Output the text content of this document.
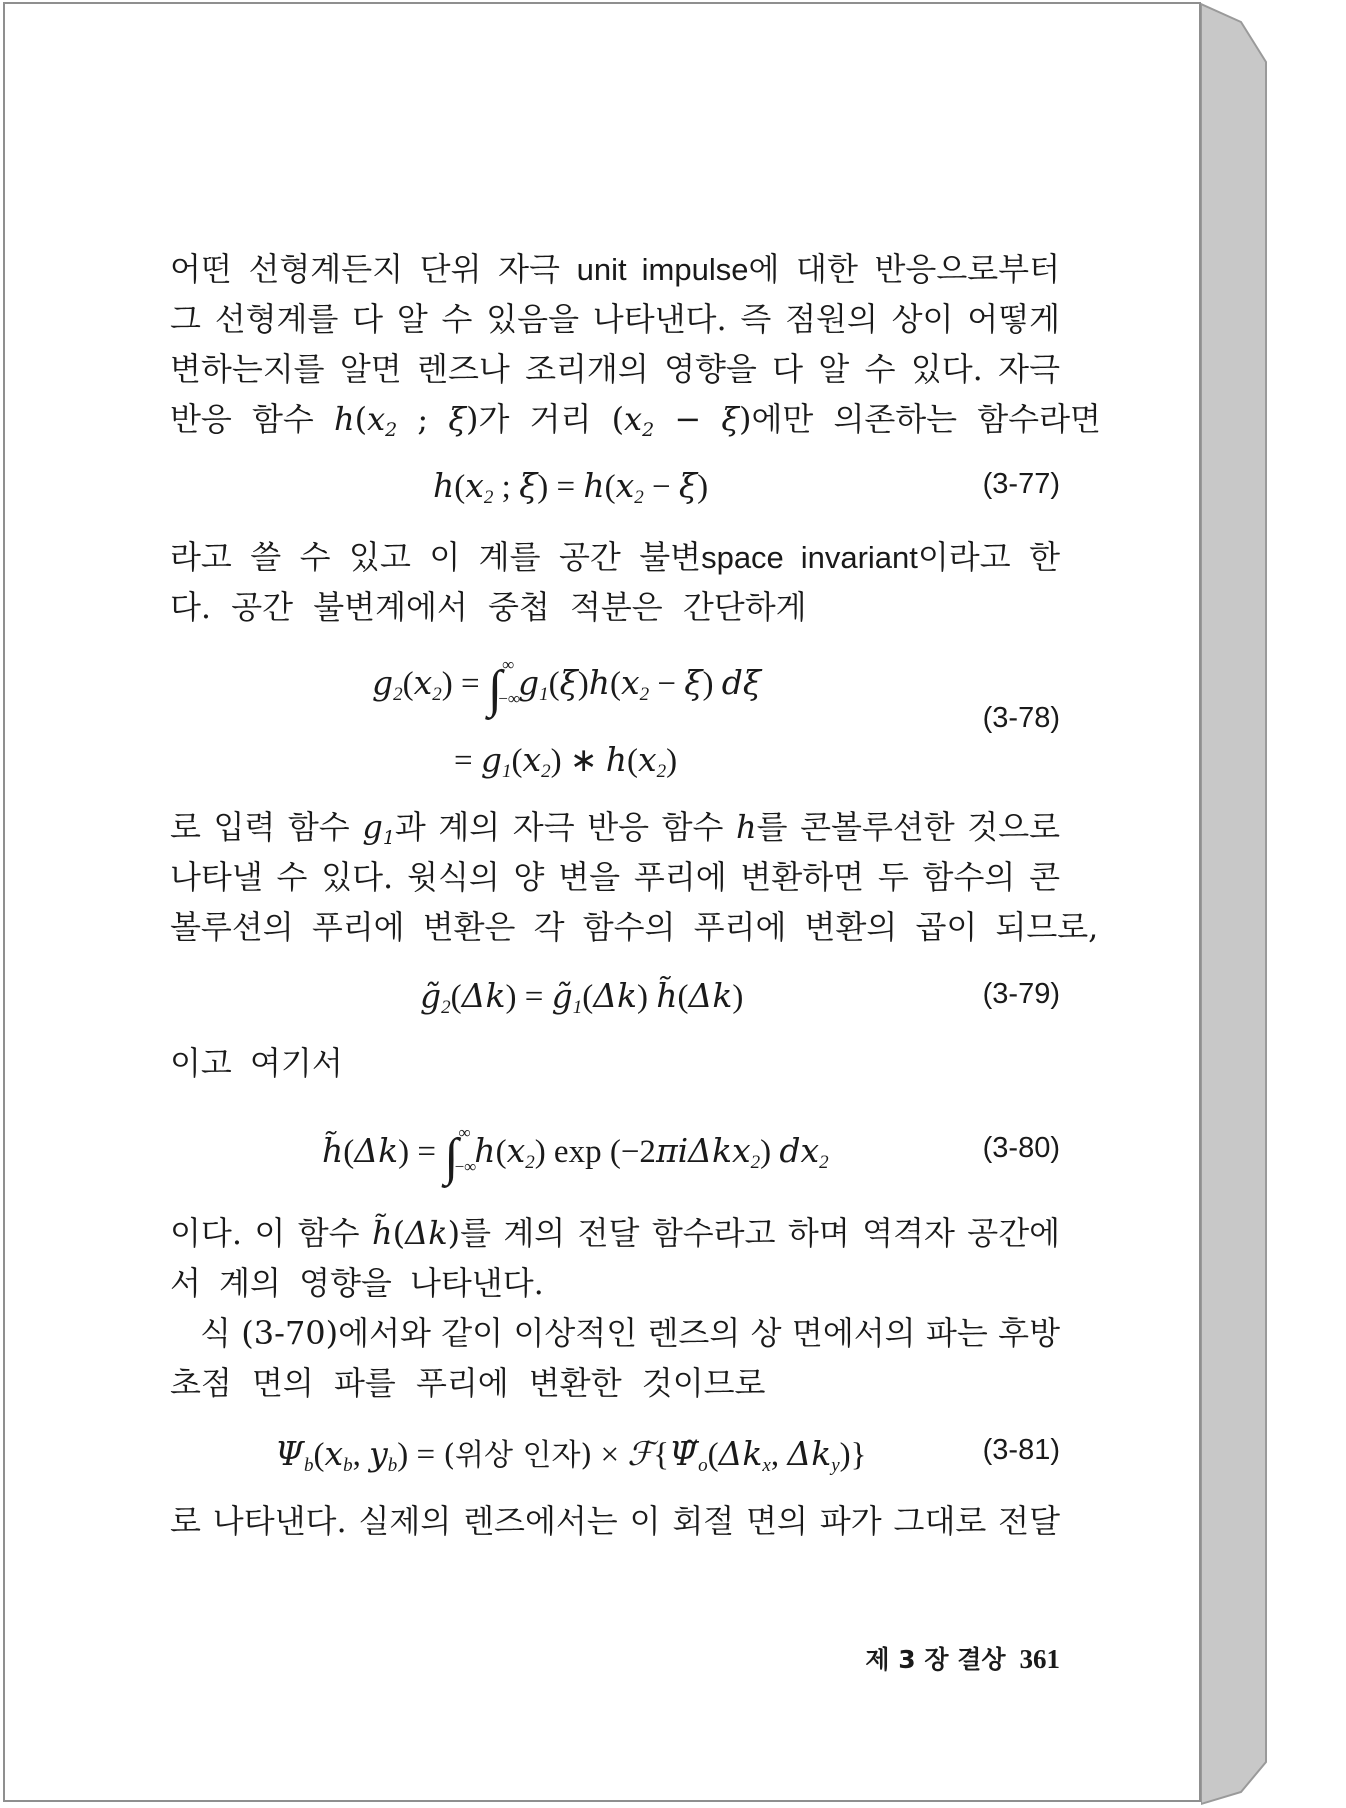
어떤 선형계든지 단위 자극 unit impulse에 대한 반응으로부터
그 선형계를 다 알 수 있음을 나타낸다. 즉 점원의 상이 어떻게
변하는지를 알면 렌즈나 조리개의 영향을 다 알 수 있다. 자극
반응 함수 $h(x_2$ ; ξ)가 거리 $(x_2 - \xi)$에만 의존하는 함수라면
$h(x_2$ ; $\xi) = h(x_2 - \xi)$	(3-77)
라고 쓸 수 있고 이 계를 공간 불변space invariant이라고 한
다. 공간 불변계에서 중첩 적분은 간단하게
$g_2(x_2) = \int^\infty_{-\infty}g_1(\xi)h(x_2 - \xi)$ dξ
= $g_1(x_2)$ ∗ $h(x_2)$
(3-78)
로 입력 함수 $g_1$과 계의 자극 반응 함수 h를 콘볼루션한 것으로
나타낼 수 있다. 윗식의 양 변을 푸리에 변환하면 두 함수의 콘
볼루션의 푸리에 변환은 각 함수의 푸리에 변환의 곱이 되므로,
$g̃_2(\Delta k)$ = $g̃_1(\Delta k)$ h̃(Δk)	(3-79)
이고 여기서
h̃(Δk) = $\int^\infty_{-\infty}h(x_2)$ exp (−2πiΔkx$_2$) $dx_2$	(3-80)
이다. 이 함수 h̃(Δk)를 계의 전달 함수라고 하며 역격자 공간에
서 계의 영향을 나타낸다.
식 (3-70)에서와 같이 이상적인 렌즈의 상 면에서의 파는 후방
초점 면의 파를 푸리에 변환한 것이므로
$\Psi_b(x_b$, $y_b$) = (위상 인자) × $ℱ\{\Psĩ_o(\Delta k_x$, $\Delta k_y$)}	(3-81)
로 나타낸다. 실제의 렌즈에서는 이 회절 면의 파가 그대로 전달
제 3 장 결상 361
